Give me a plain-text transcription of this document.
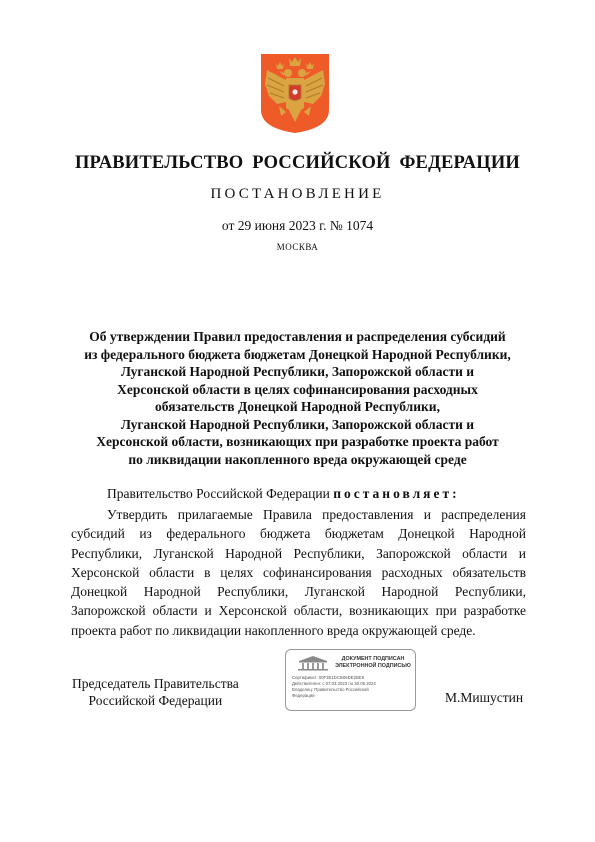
ПРАВИТЕЛЬСТВО РОССИЙСКОЙ ФЕДЕРАЦИИ
ПОСТАНОВЛЕНИЕ
от 29 июня 2023 г. № 1074
МОСКВА
Об утверждении Правил предоставления и распределения субсидий
из федерального бюджета бюджетам Донецкой Народной Республики,
Луганской Народной Республики, Запорожской области и
Херсонской области в целях софинансирования расходных
обязательств Донецкой Народной Республики,
Луганской Народной Республики, Запорожской области и
Херсонской области, возникающих при разработке проекта работ
по ликвидации накопленного вреда окружающей среде
Правительство Российской Федерации постановляет:
Утвердить прилагаемые Правила предоставления и распределения
субсидий из федерального бюджета бюджетам Донецкой Народной
Республики, Луганской Народной Республики, Запорожской области и
Херсонской области в целях софинансирования расходных обязательств
Донецкой Народной Республики, Луганской Народной Республики,
Запорожской области и Херсонской области, возникающих при разработке
проекта работ по ликвидации накопленного вреда окружающей среде.
Председатель Правительства
Российской Федерации
ДОКУМЕНТ ПОДПИСАН
ЭЛЕКТРОННОЙ ПОДПИСЬЮ
Сертификат: 00F3E1DCB06DE2BE9
Действителен: с 07.03.2023 по 30.05.2024
Владелец: Правительство Российской
Федерации	М.Мишустин
